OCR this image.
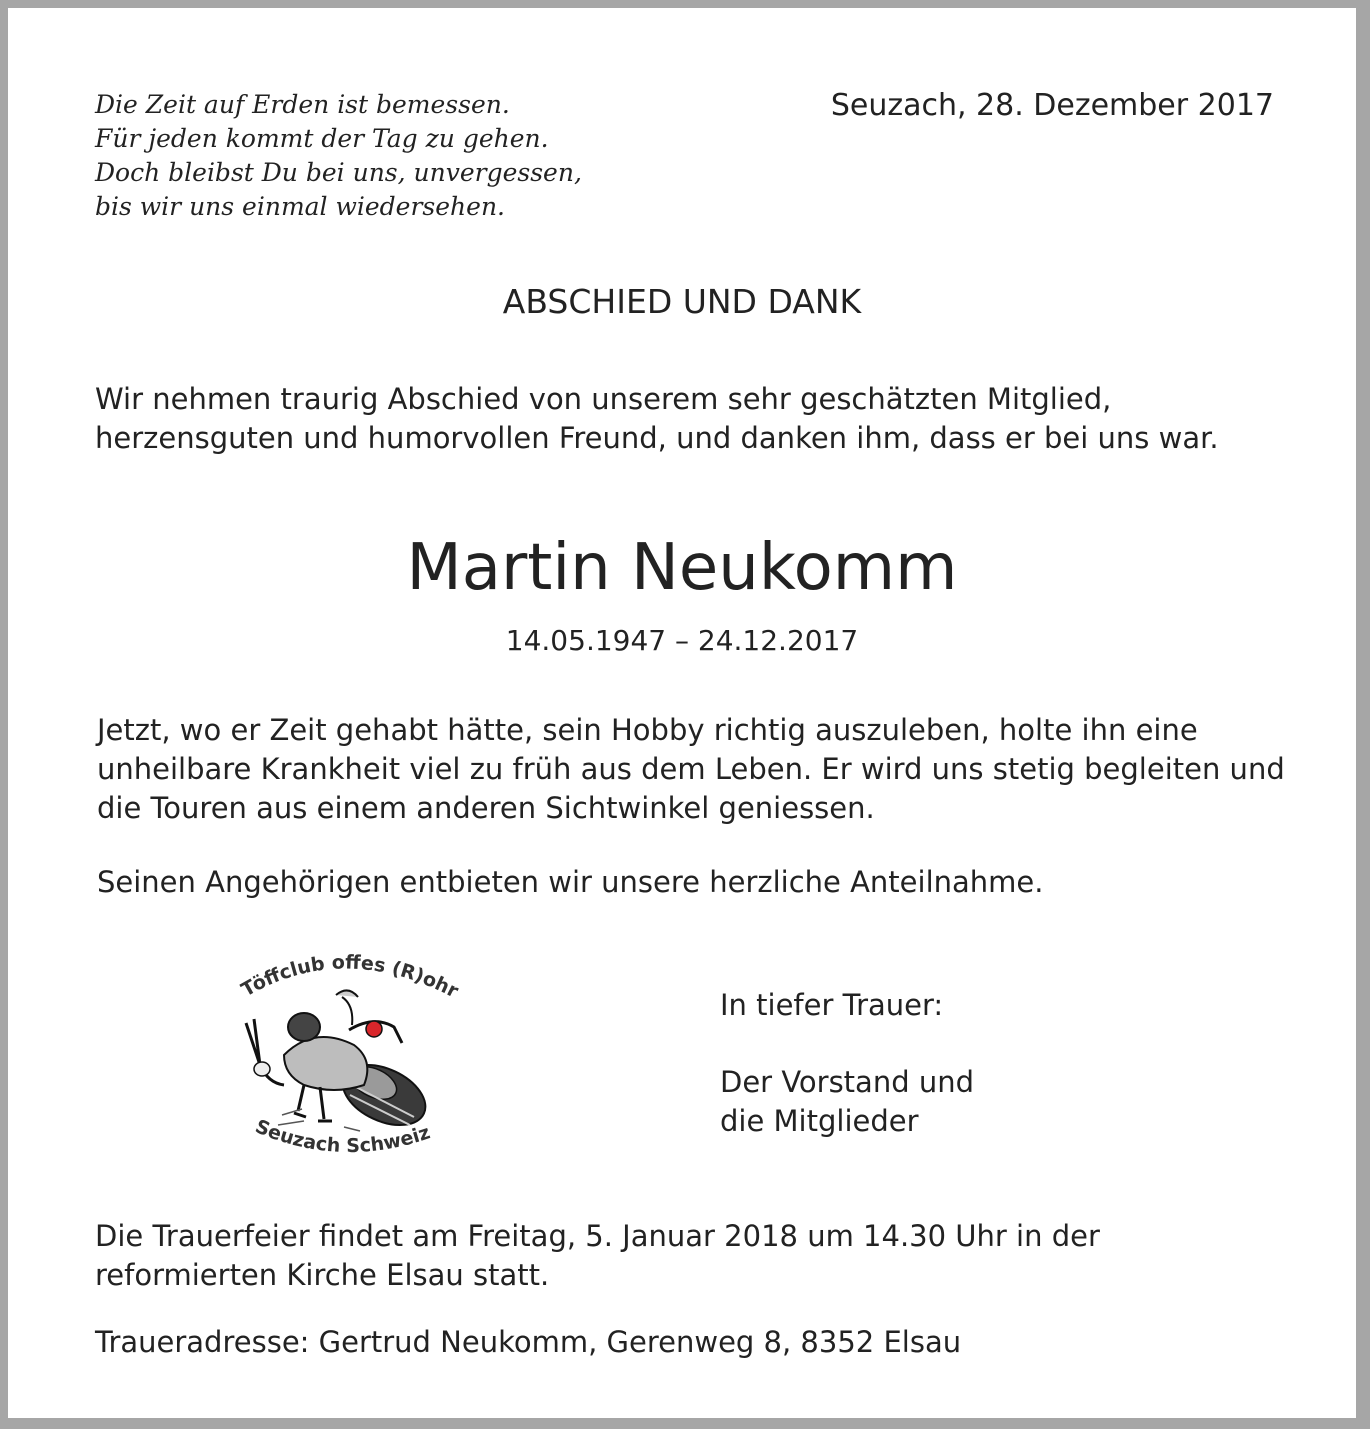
Die Zeit auf Erden ist bemessen.
Für jeden kommt der Tag zu gehen.
Doch bleibst Du bei uns, unvergessen,
bis wir uns einmal wiedersehen.
Seuzach, 28. Dezember 2017
ABSCHIED UND DANK
Wir nehmen traurig Abschied von unserem sehr geschätzten Mitglied, herzensguten und humorvollen Freund, und danken ihm, dass er bei uns war.
Martin Neukomm
14.05.1947 – 24.12.2017
Jetzt, wo er Zeit gehabt hätte, sein Hobby richtig auszuleben, holte ihn eine unheilbare Krankheit viel zu früh aus dem Leben. Er wird uns stetig begleiten und die Touren aus einem anderen Sichtwinkel geniessen.
Seinen Angehörigen entbieten wir unsere herzliche Anteilnahme.
Töffclub offes (R)ohr
Seuzach Schweiz
In tiefer Trauer:
Der Vorstand und
die Mitglieder
Die Trauerfeier findet am Freitag, 5. Januar 2018 um 14.30 Uhr in der reformierten Kirche Elsau statt.
Traueradresse: Gertrud Neukomm, Gerenweg 8, 8352 Elsau
